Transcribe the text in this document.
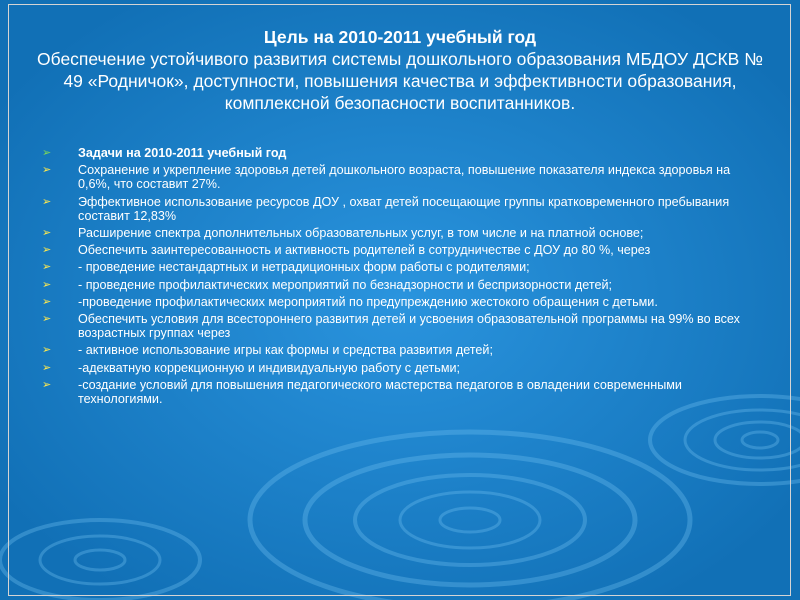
Цель на 2010-2011 учебный год
Обеспечение устойчивого развития системы дошкольного образования МБДОУ ДСКВ № 49 «Родничок», доступности, повышения качества и эффективности образования, комплексной безопасности воспитанников.
➢	Задачи на 2010-2011 учебный год
➢	Сохранение и укрепление здоровья детей дошкольного возраста, повышение показателя индекса здоровья на 0,6%, что составит 27%.
➢	Эффективное использование ресурсов ДОУ , охват детей посещающие группы кратковременного пребывания составит 12,83%
➢	Расширение спектра дополнительных образовательных услуг, в том числе и на платной основе;
➢	Обеспечить заинтересованность и активность родителей в сотрудничестве с ДОУ до 80 %, через
➢	- проведение нестандартных и нетрадиционных форм работы с родителями;
➢	- проведение профилактических мероприятий по безнадзорности и беспризорности детей;
➢	-проведение профилактических мероприятий по предупреждению жестокого обращения с детьми.
➢	Обеспечить условия для всестороннего развития детей и усвоения образовательной программы на 99% во всех возрастных группах через
➢	- активное использование игры как формы и средства развития детей;
➢	-адекватную коррекционную и индивидуальную работу с детьми;
➢	-создание условий для повышения педагогического мастерства педагогов в овладении современными технологиями.
